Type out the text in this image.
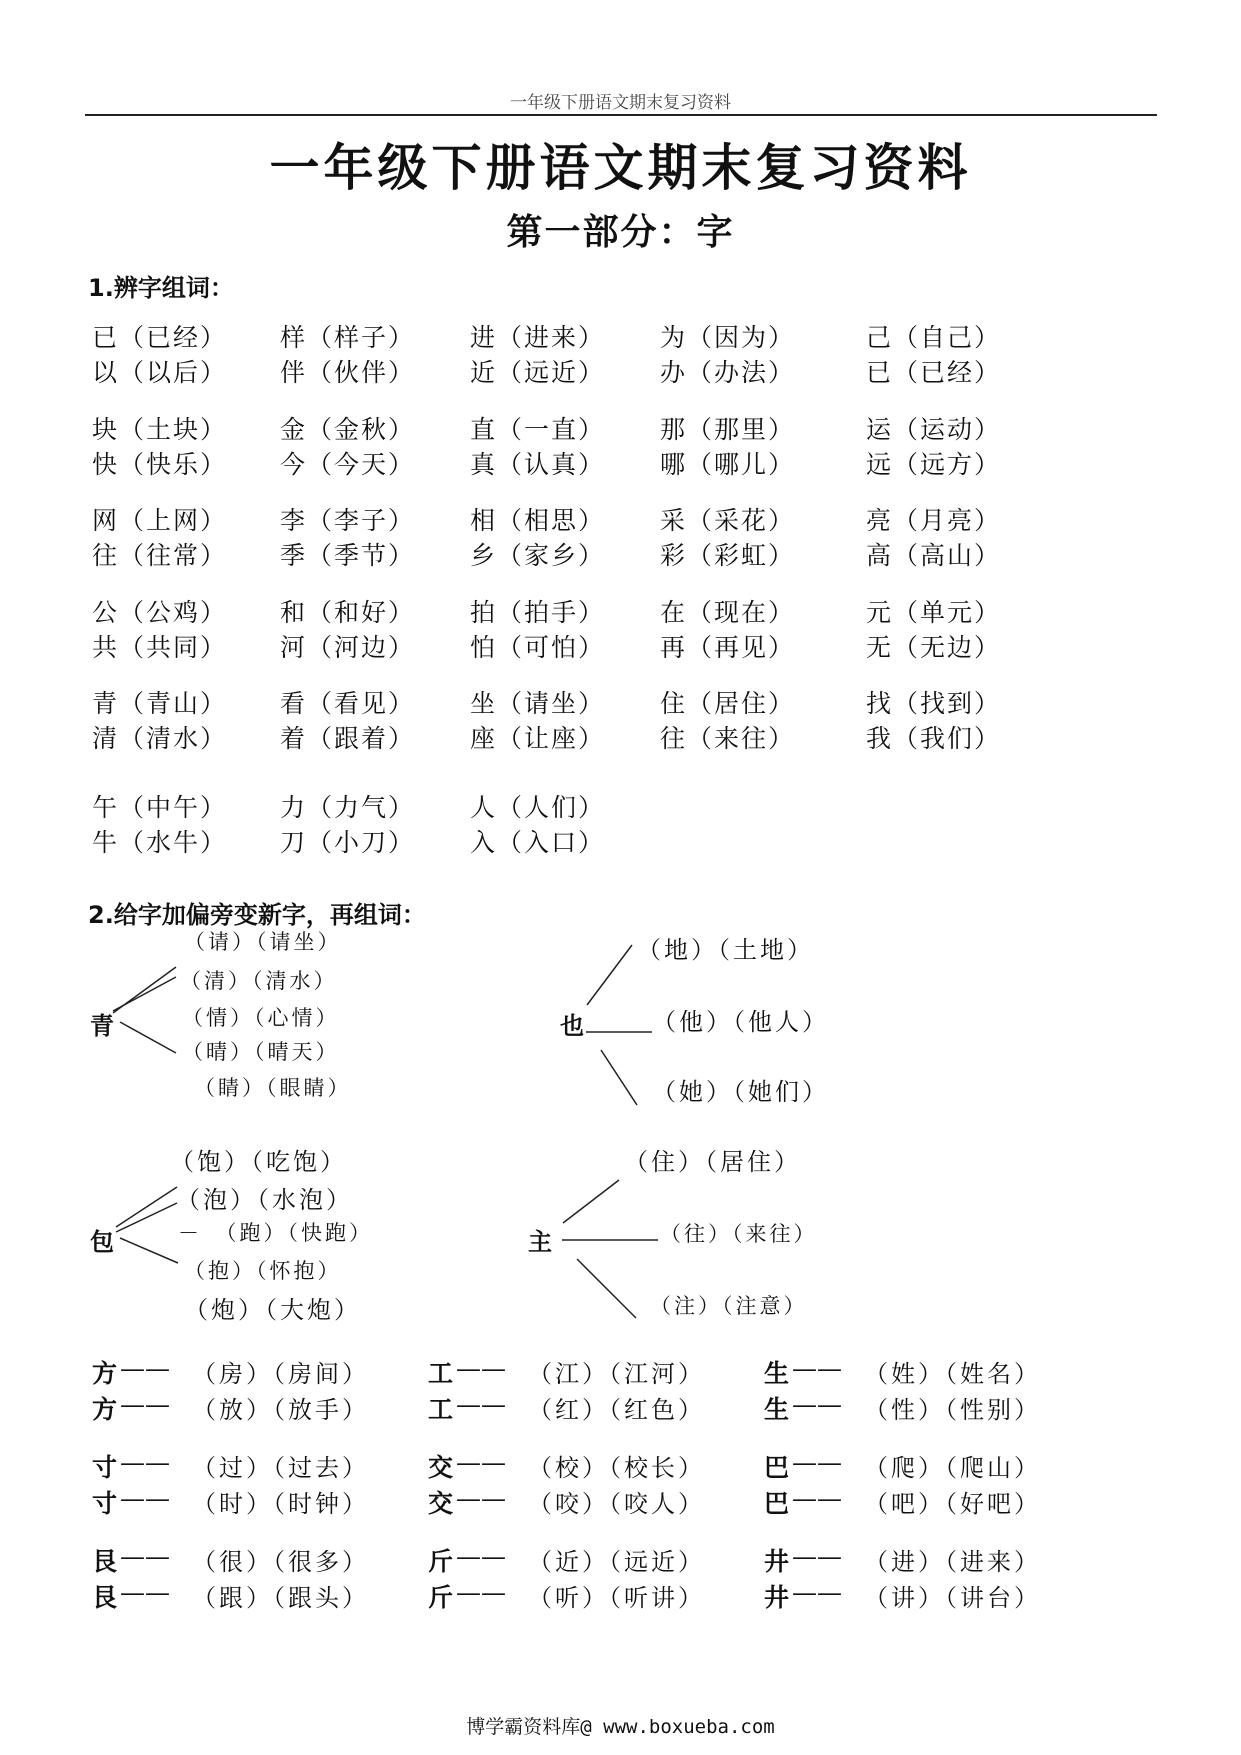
一年级下册语文期末复习资料
一年级下册语文期末复习资料
第一部分：字
1.辨字组词：
已（已经）
以（以后）
样（样子）
伴（伙伴）
进（进来）
近（远近）
为（因为）
办（办法）
己（自己）
已（已经）
块（土块）
快（快乐）
金（金秋）
今（今天）
直（一直）
真（认真）
那（那里）
哪（哪儿）
运（运动）
远（远方）
网（上网）
往（往常）
李（李子）
季（季节）
相（相思）
乡（家乡）
采（采花）
彩（彩虹）
亮（月亮）
高（高山）
公（公鸡）
共（共同）
和（和好）
河（河边）
拍（拍手）
怕（可怕）
在（现在）
再（再见）
元（单元）
无（无边）
青（青山）
清（清水）
看（看见）
着（跟着）
坐（请坐）
座（让座）
住（居住）
往（来往）
找（找到）
我（我们）
午（中午）
牛（水牛）
力（力气）
刀（小刀）
人（人们）
入（入口）
2.给字加偏旁变新字，再组词：
青
（请）（请坐）
（清）（清水）
（情）（心情）
（晴）（晴天）
（睛）（眼睛）
也
（地）（土地）
（他）（他人）
（她）（她们）
包
（饱）（吃饱）
（泡）（水泡）
－　（跑）（快跑）
（抱）（怀抱）
（炮）（大炮）
主
（住）（居住）
（往）（来往）
（注）（注意）
方 —— （房）（房间）
方 —— （放）（放手）
工 —— （江）（江河）
工 —— （红）（红色）
生 —— （姓）（姓名）
生 —— （性）（性别）
寸 —— （过）（过去）
寸 —— （时）（时钟）
交 —— （校）（校长）
交 —— （咬）（咬人）
巴 —— （爬）（爬山）
巴 —— （吧）（好吧）
艮 —— （很）（很多）
艮 —— （跟）（跟头）
斤 —— （近）（远近）
斤 —— （听）（听讲）
井 —— （进）（进来）
井 —— （讲）（讲台）
博学霸资料库@ www.boxueba.com
